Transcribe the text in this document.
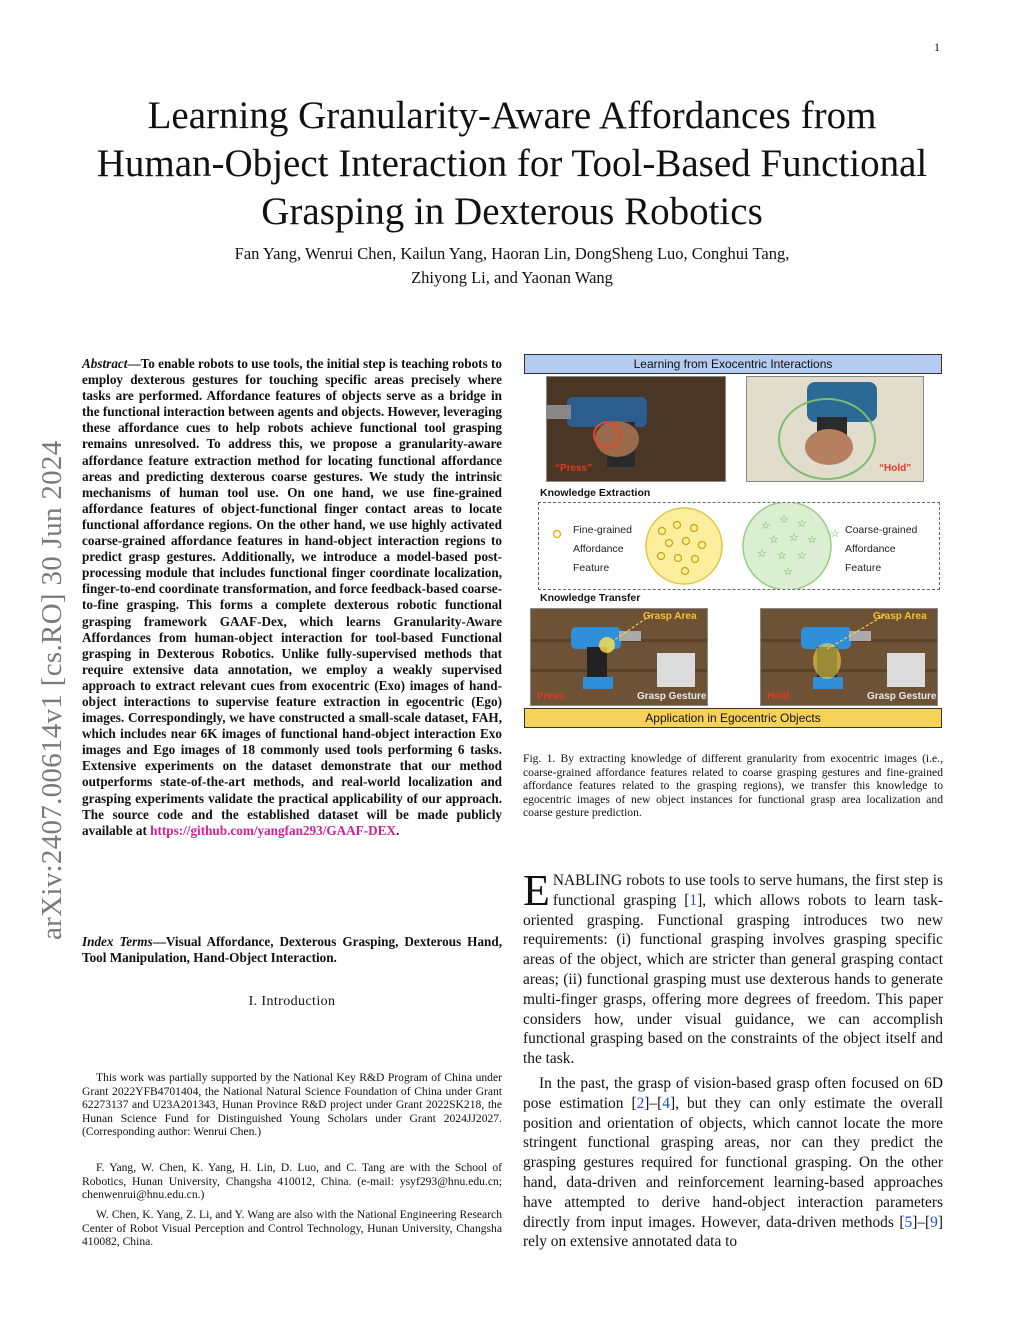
1
Learning Granularity-Aware Affordances from Human-Object Interaction for Tool-Based Functional Grasping in Dexterous Robotics
Fan Yang, Wenrui Chen, Kailun Yang, Haoran Lin, DongSheng Luo, Conghui Tang,
Zhiyong Li, and Yaonan Wang
arXiv:2407.00614v1 [cs.RO] 30 Jun 2024
Abstract—To enable robots to use tools, the initial step is teaching robots to employ dexterous gestures for touching specific areas precisely where tasks are performed. Affordance features of objects serve as a bridge in the functional interaction between agents and objects. However, leveraging these affordance cues to help robots achieve functional tool grasping remains unresolved. To address this, we propose a granularity-aware affordance feature extraction method for locating functional affordance areas and predicting dexterous coarse gestures. We study the intrinsic mechanisms of human tool use. On one hand, we use fine-grained affordance features of object-functional finger contact areas to locate functional affordance regions. On the other hand, we use highly activated coarse-grained affordance features in hand-object interaction regions to predict grasp gestures. Additionally, we introduce a model-based post-processing module that includes functional finger coordinate localization, finger-to-end coordinate transformation, and force feedback-based coarse-to-fine grasping. This forms a complete dexterous robotic functional grasping framework GAAF-Dex, which learns Granularity-Aware Affordances from human-object interaction for tool-based Functional grasping in Dexterous Robotics. Unlike fully-supervised methods that require extensive data annotation, we employ a weakly supervised approach to extract relevant cues from exocentric (Exo) images of hand-object interactions to supervise feature extraction in egocentric (Ego) images. Correspondingly, we have constructed a small-scale dataset, FAH, which includes near 6K images of functional hand-object interaction Exo images and Ego images of 18 commonly used tools performing 6 tasks. Extensive experiments on the dataset demonstrate that our method outperforms state-of-the-art methods, and real-world localization and grasping experiments validate the practical applicability of our approach. The source code and the established dataset will be made publicly available at https://github.com/yangfan293/GAAF-DEX.
Index Terms—Visual Affordance, Dexterous Grasping, Dexterous Hand, Tool Manipulation, Hand-Object Interaction.
I. Introduction

This work was partially supported by the National Key R&D Program of China under Grant 2022YFB4701404, the National Natural Science Foundation of China under Grant 62273137 and U23A201343, Hunan Province R&D project under Grant 2022SK218, the Hunan Science Fund for Distinguished Young Scholars under Grant 2024JJ2027. (Corresponding author: Wenrui Chen.)

F. Yang, W. Chen, K. Yang, H. Lin, D. Luo, and C. Tang are with the School of Robotics, Hunan University, Changsha 410012, China. (e-mail: ysyf293@hnu.edu.cn; chenwenrui@hnu.edu.cn.)

W. Chen, K. Yang, Z. Li, and Y. Wang are also with the National Engineering Research Center of Robot Visual Perception and Control Technology, Hunan University, Changsha 410082, China.

Learning from Exocentric Interactions
“Press”	“Hold”
Knowledge Extraction
☆ ☆ ☆
☆ ☆ ☆
☆ ☆ ☆
☆
☆
Fine-grained
Affordance
Feature
Coarse-grained
Affordance
Feature
Knowledge Transfer
Grasp Area
Grasp Gesture
Press
Grasp Area
Grasp Gesture
Hold
Application in Egocentric Objects
Fig. 1. By extracting knowledge of different granularity from exocentric images (i.e., coarse-grained affordance features related to coarse grasping gestures and fine-grained affordance features related to the grasping regions), we transfer this knowledge to egocentric images of new object instances for functional grasp area localization and coarse gesture prediction.

ENABLING robots to use tools to serve humans, the first step is functional grasping [1], which allows robots to learn task-oriented grasping. Functional grasping introduces two new requirements: (i) functional grasping involves grasping specific areas of the object, which are stricter than general grasping contact areas; (ii) functional grasping must use dexterous hands to generate multi-finger grasps, offering more degrees of freedom. This paper considers how, under visual guidance, we can accomplish functional grasping based on the constraints of the object itself and the task.

In the past, the grasp of vision-based grasp often focused on 6D pose estimation [2]–[4], but they can only estimate the overall position and orientation of objects, which cannot locate the more stringent functional grasping areas, nor can they predict the grasping gestures required for functional grasping. On the other hand, data-driven and reinforcement learning-based approaches have attempted to derive hand-object interaction parameters directly from input images. However, data-driven methods [5]–[9] rely on extensive annotated data to
